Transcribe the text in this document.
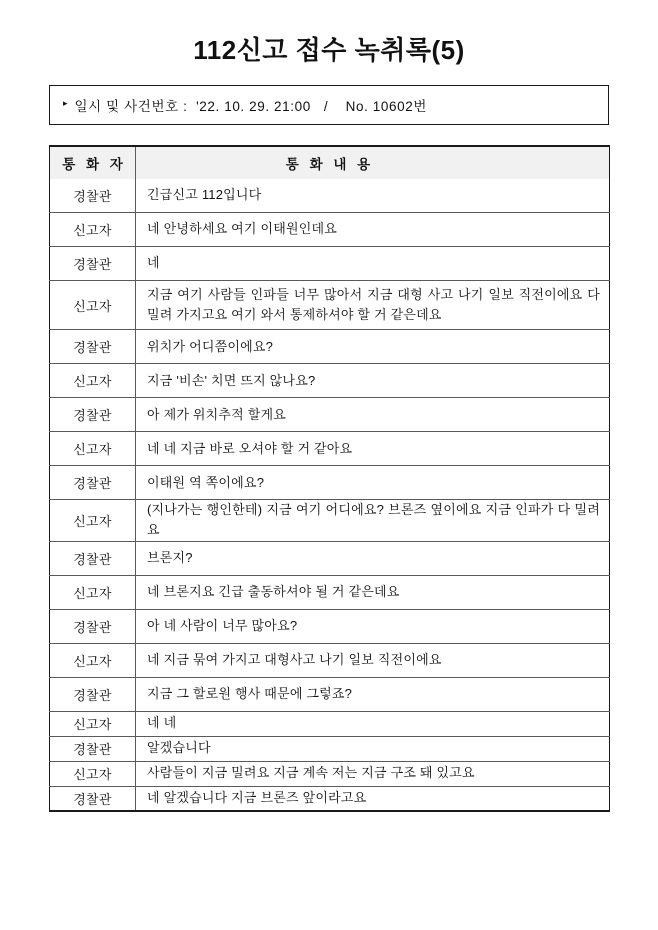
112신고 접수 녹취록(5)
▸ 일시 및 사건번호 :  '22. 10. 29. 21:00   /    No. 10602번
통 화 자	통 화 내 용
경찰관	긴급신고 112입니다

신고자	네 안녕하세요 여기 이태원인데요

경찰관	네

신고자	지금 여기 사람들 인파들 너무 많아서 지금 대형 사고 나기 일보 직전이에요 다
밀려 가지고요 여기 와서 통제하셔야 할 거 같은데요

경찰관	위치가 어디쯤이에요?

신고자	지금 '비손' 치면 뜨지 않나요?

경찰관	아 제가 위치추적 할게요

신고자	네 네 지금 바로 오셔야 할 거 같아요

경찰관	이태원 역 쪽이에요?

신고자	(지나가는 행인한테) 지금 여기 어디에요? 브론즈 옆이에요 지금 인파가 다 밀려요

경찰관	브론지?

신고자	네 브론지요 긴급 출동하셔야 될 거 같은데요

경찰관	아 네 사람이 너무 많아요?

신고자	네 지금 묶여 가지고 대형사고 나기 일보 직전이에요

경찰관	지금 그 할로원 행사 때문에 그렇죠?

신고자	네 네

경찰관	알겠습니다

신고자	사람들이 지금 밀려요 지금 계속 저는 지금 구조 돼 있고요

경찰관	네 알겠습니다 지금 브론즈 앞이라고요
